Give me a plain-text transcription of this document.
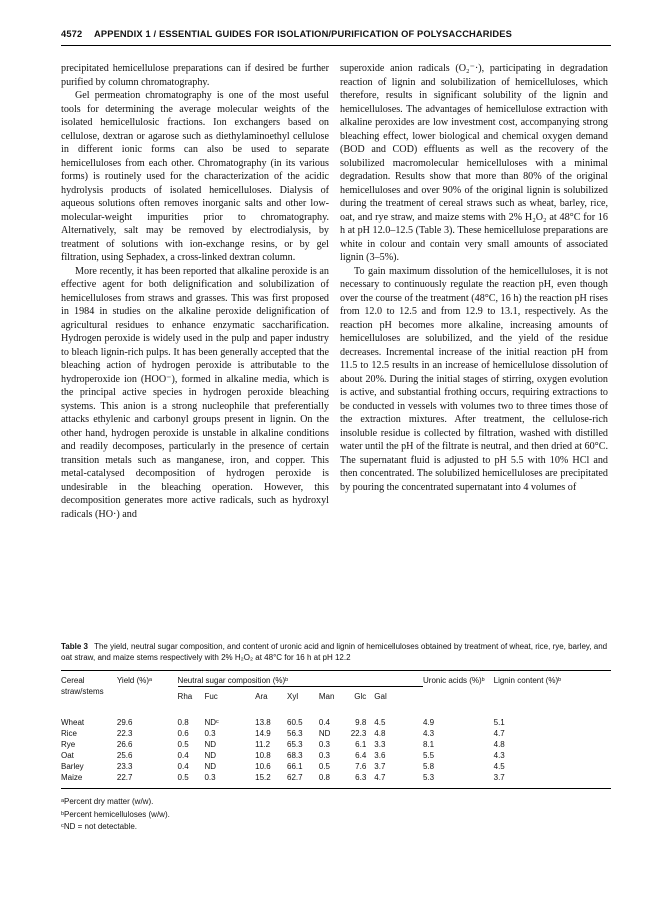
4572 APPENDIX 1 / ESSENTIAL GUIDES FOR ISOLATION/PURIFICATION OF POLYSACCHARIDES

precipitated hemicellulose preparations can if desired be further purified by column chromatography.

Gel permeation chromatography is one of the most useful tools for determining the average molecular weights of the isolated hemicellulosic fractions. Ion exchangers based on cellulose, dextran or agarose such as diethylaminoethyl cellulose in different ionic forms can also be used to separate hemicelluloses from each other. Chromatography (in its various forms) is routinely used for the characterization of the acidic hydrolysis products of isolated hemicelluloses. Dialysis of aqueous solutions often removes inorganic salts and other low-molecular-weight impurities prior to chromatography. Alternatively, salt may be removed by electrodialysis, by treatment of solutions with ion-exchange resins, or by gel filtration, using Sephadex, a cross-linked dextran column.

More recently, it has been reported that alkaline peroxide is an effective agent for both delignification and solubilization of hemicelluloses from straws and grasses. This was first proposed in 1984 in studies on the alkaline peroxide delignification of agricultural residues to enhance enzymatic saccharification. Hydrogen peroxide is widely used in the pulp and paper industry to bleach lignin-rich pulps. It has been generally accepted that the bleaching action of hydrogen peroxide is attributable to the hydroperoxide ion (HOO⁻), formed in alkaline media, which is the principal active species in hydrogen peroxide bleaching systems. This anion is a strong nucleophile that preferentially attacks ethylenic and carbonyl groups present in lignin. On the other hand, hydrogen peroxide is unstable in alkaline conditions and readily decomposes, particularly in the presence of certain transition metals such as manganese, iron, and copper. This metal-catalysed decomposition of hydrogen peroxide is undesirable in the bleaching operation. However, this decomposition generates more active radicals, such as hydroxyl radicals (HO·) and

superoxide anion radicals (O₂⁻·), participating in degradation reaction of lignin and solubilization of hemicelluloses, which therefore, results in significant solubility of the lignin and hemicelluloses. The advantages of hemicellulose extraction with alkaline peroxides are low investment cost, accompanying strong bleaching effect, lower biological and chemical oxygen demand (BOD and COD) effluents as well as the recovery of the solubilized macromolecular hemicelluloses with a minimal degradation. Results show that more than 80% of the original hemicelluloses and over 90% of the original lignin is solubilized during the treatment of cereal straws such as wheat, barley, rice, oat, and rye straw, and maize stems with 2% H₂O₂ at 48°C for 16 h at pH 12.0–12.5 (Table 3). These hemicellulose preparations are white in colour and contain very small amounts of associated lignin (3–5%).

To gain maximum dissolution of the hemicelluloses, it is not necessary to continuously regulate the reaction pH, even though over the course of the treatment (48°C, 16 h) the reaction pH rises from 12.0 to 12.5 and from 12.9 to 13.1, respectively. As the reaction pH becomes more alkaline, increasing amounts of hemicelluloses are solubilized, and the yield of the residue decreases. Incremental increase of the initial reaction pH from 11.5 to 12.5 results in an increase of hemicellulose dissolution of about 20%. During the initial stages of stirring, oxygen evolution is active, and substantial frothing occurs, requiring extractions to be conducted in vessels with volumes two to three times those of the extraction mixtures. After treatment, the cellulose-rich insoluble residue is collected by filtration, washed with distilled water until the pH of the filtrate is neutral, and then dried at 60°C. The supernatant fluid is adjusted to pH 5.5 with 10% HCl and then concentrated. The solubilized hemicelluloses are precipitated by pouring the concentrated supernatant into 4 volumes of

Table 3 The yield, neutral sugar composition, and content of uronic acid and lignin of hemicelluloses obtained by treatment of wheat, rice, rye, barley, and oat straw, and maize stems respectively with 2% H₂O₂ at 48°C for 16 h at pH 12.2

Cereal straw/stems	Yield (%)ᵃ	Neutral sugar composition (%)ᵇ							Uronic acids (%)ᵇ	Lignin content (%)ᵇ
		Rha	Fuc	Ara	Xyl	Man	Glc	Gal		
Wheat	29.6	0.8	NDᶜ	13.8	60.5	0.4	9.8	4.5	4.9	5.1
Rice	22.3	0.6	0.3	14.9	56.3	ND	22.3	4.8	4.3	4.7
Rye	26.6	0.5	ND	11.2	65.3	0.3	6.1	3.3	8.1	4.8
Oat	25.6	0.4	ND	10.8	68.3	0.3	6.4	3.6	5.5	4.3
Barley	23.3	0.4	ND	10.6	66.1	0.5	7.6	3.7	5.8	4.5
Maize	22.7	0.5	0.3	15.2	62.7	0.8	6.3	4.7	5.3	3.7
ᵃPercent dry matter (w/w).
ᵇPercent hemicelluloses (w/w).
ᶜND = not detectable.
